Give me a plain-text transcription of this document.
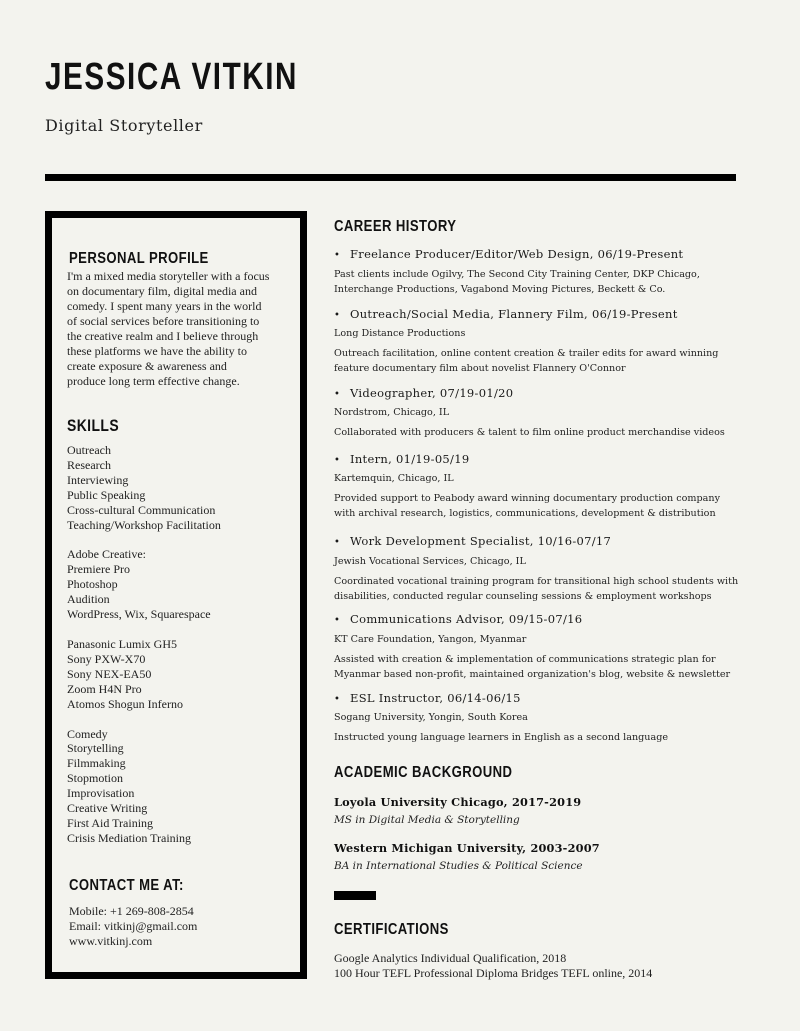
JESSICA VITKIN
Digital Storyteller
PERSONAL PROFILE
I'm a mixed media storyteller with a focus
on documentary film, digital media and
comedy. I spent many years in the world
of social services before transitioning to
the creative realm and I believe through
these platforms we have the ability to
create exposure & awareness and
produce long term effective change.
SKILLS
Outreach
Research
Interviewing
Public Speaking
Cross-cultural Communication
Teaching/Workshop Facilitation
Adobe Creative:
Premiere Pro
Photoshop
Audition
WordPress, Wix, Squarespace
Panasonic Lumix GH5
Sony PXW-X70
Sony NEX-EA50
Zoom H4N Pro
Atomos Shogun Inferno
Comedy
Storytelling
Filmmaking
Stopmotion
Improvisation
Creative Writing
First Aid Training
Crisis Mediation Training
CONTACT ME AT:
Mobile: +1 269-808-2854
Email: vitkinj@gmail.com
www.vitkinj.com
CAREER HISTORY
• Freelance Producer/Editor/Web Design, 06/19-Present
Past clients include Ogilvy, The Second City Training Center, DKP Chicago,
Interchange Productions, Vagabond Moving Pictures, Beckett & Co.
• Outreach/Social Media, Flannery Film, 06/19-Present
Long Distance Productions
Outreach facilitation, online content creation & trailer edits for award winning
feature documentary film about novelist Flannery O'Connor
• Videographer, 07/19-01/20
Nordstrom, Chicago, IL
Collaborated with producers & talent to film online product merchandise videos
• Intern, 01/19-05/19
Kartemquin, Chicago, IL
Provided support to Peabody award winning documentary production company
with archival research, logistics, communications, development & distribution
• Work Development Specialist, 10/16-07/17
Jewish Vocational Services, Chicago, IL
Coordinated vocational training program for transitional high school students with
disabilities, conducted regular counseling sessions & employment workshops
• Communications Advisor, 09/15-07/16
KT Care Foundation, Yangon, Myanmar
Assisted with creation & implementation of communications strategic plan for
Myanmar based non-profit, maintained organization's blog, website & newsletter
• ESL Instructor, 06/14-06/15
Sogang University, Yongin, South Korea
Instructed young language learners in English as a second language
ACADEMIC BACKGROUND
Loyola University Chicago, 2017-2019
MS in Digital Media & Storytelling
Western Michigan University, 2003-2007
BA in International Studies & Political Science
CERTIFICATIONS
Google Analytics Individual Qualification, 2018
100 Hour TEFL Professional Diploma Bridges TEFL online, 2014
